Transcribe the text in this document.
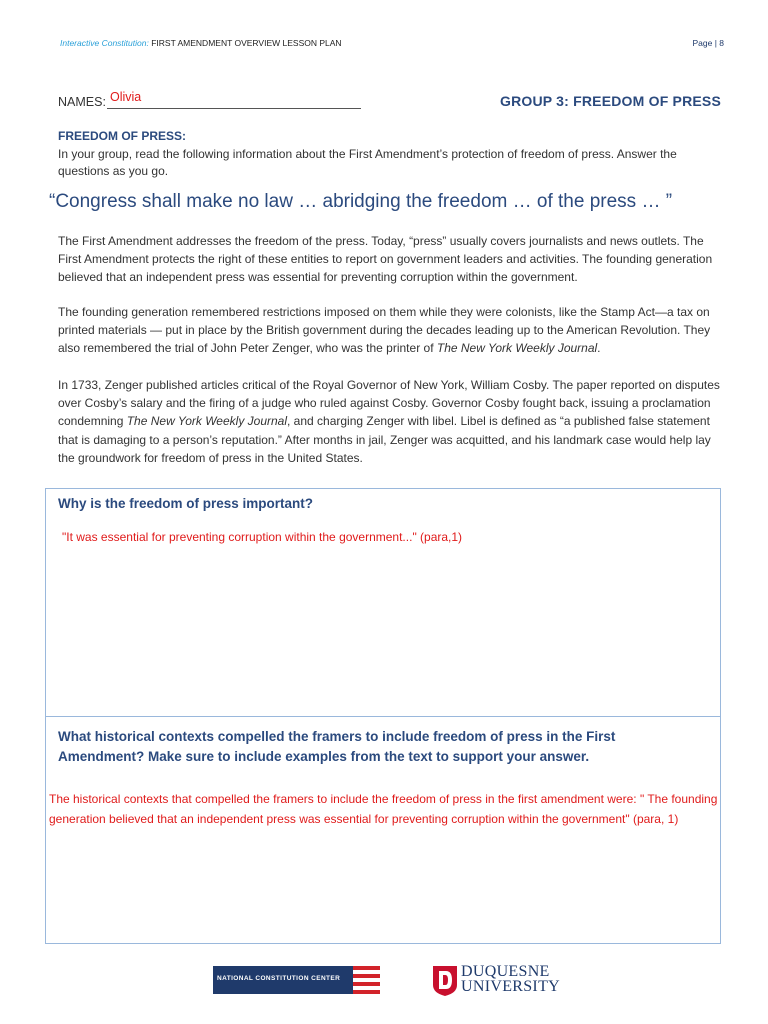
Interactive Constitution: FIRST AMENDMENT OVERVIEW LESSON PLAN	Page | 8
NAMES: Olivia	GROUP 3: FREEDOM OF PRESS
FREEDOM OF PRESS:
In your group, read the following information about the First Amendment’s protection of freedom of press. Answer the questions as you go.
“Congress shall make no law … abridging the freedom … of the press … ”

The First Amendment addresses the freedom of the press. Today, “press” usually covers journalists and news outlets. The First Amendment protects the right of these entities to report on government leaders and activities. The founding generation believed that an independent press was essential for preventing corruption within the government.

The founding generation remembered restrictions imposed on them while they were colonists, like the Stamp Act—a tax on printed materials — put in place by the British government during the decades leading up to the American Revolution. They also remembered the trial of John Peter Zenger, who was the printer of The New York Weekly Journal.

In 1733, Zenger published articles critical of the Royal Governor of New York, William Cosby. The paper reported on disputes over Cosby’s salary and the firing of a judge who ruled against Cosby. Governor Cosby fought back, issuing a proclamation condemning The New York Weekly Journal, and charging Zenger with libel. Libel is defined as “a published false statement that is damaging to a person’s reputation.” After months in jail, Zenger was acquitted, and his landmark case would help lay the groundwork for freedom of press in the United States.

Why is the freedom of press important?
"It was essential for preventing corruption within the government..." (para,1)
What historical contexts compelled the framers to include freedom of press in the First Amendment? Make sure to include examples from the text to support your answer.
The historical contexts that compelled the framers to include the freedom of press in the first amendment were: " The founding generation believed that an independent press was essential for preventing corruption within the government" (para, 1)
NATIONAL CONSTITUTION CENTER	DUQUESNE
UNIVERSITY
